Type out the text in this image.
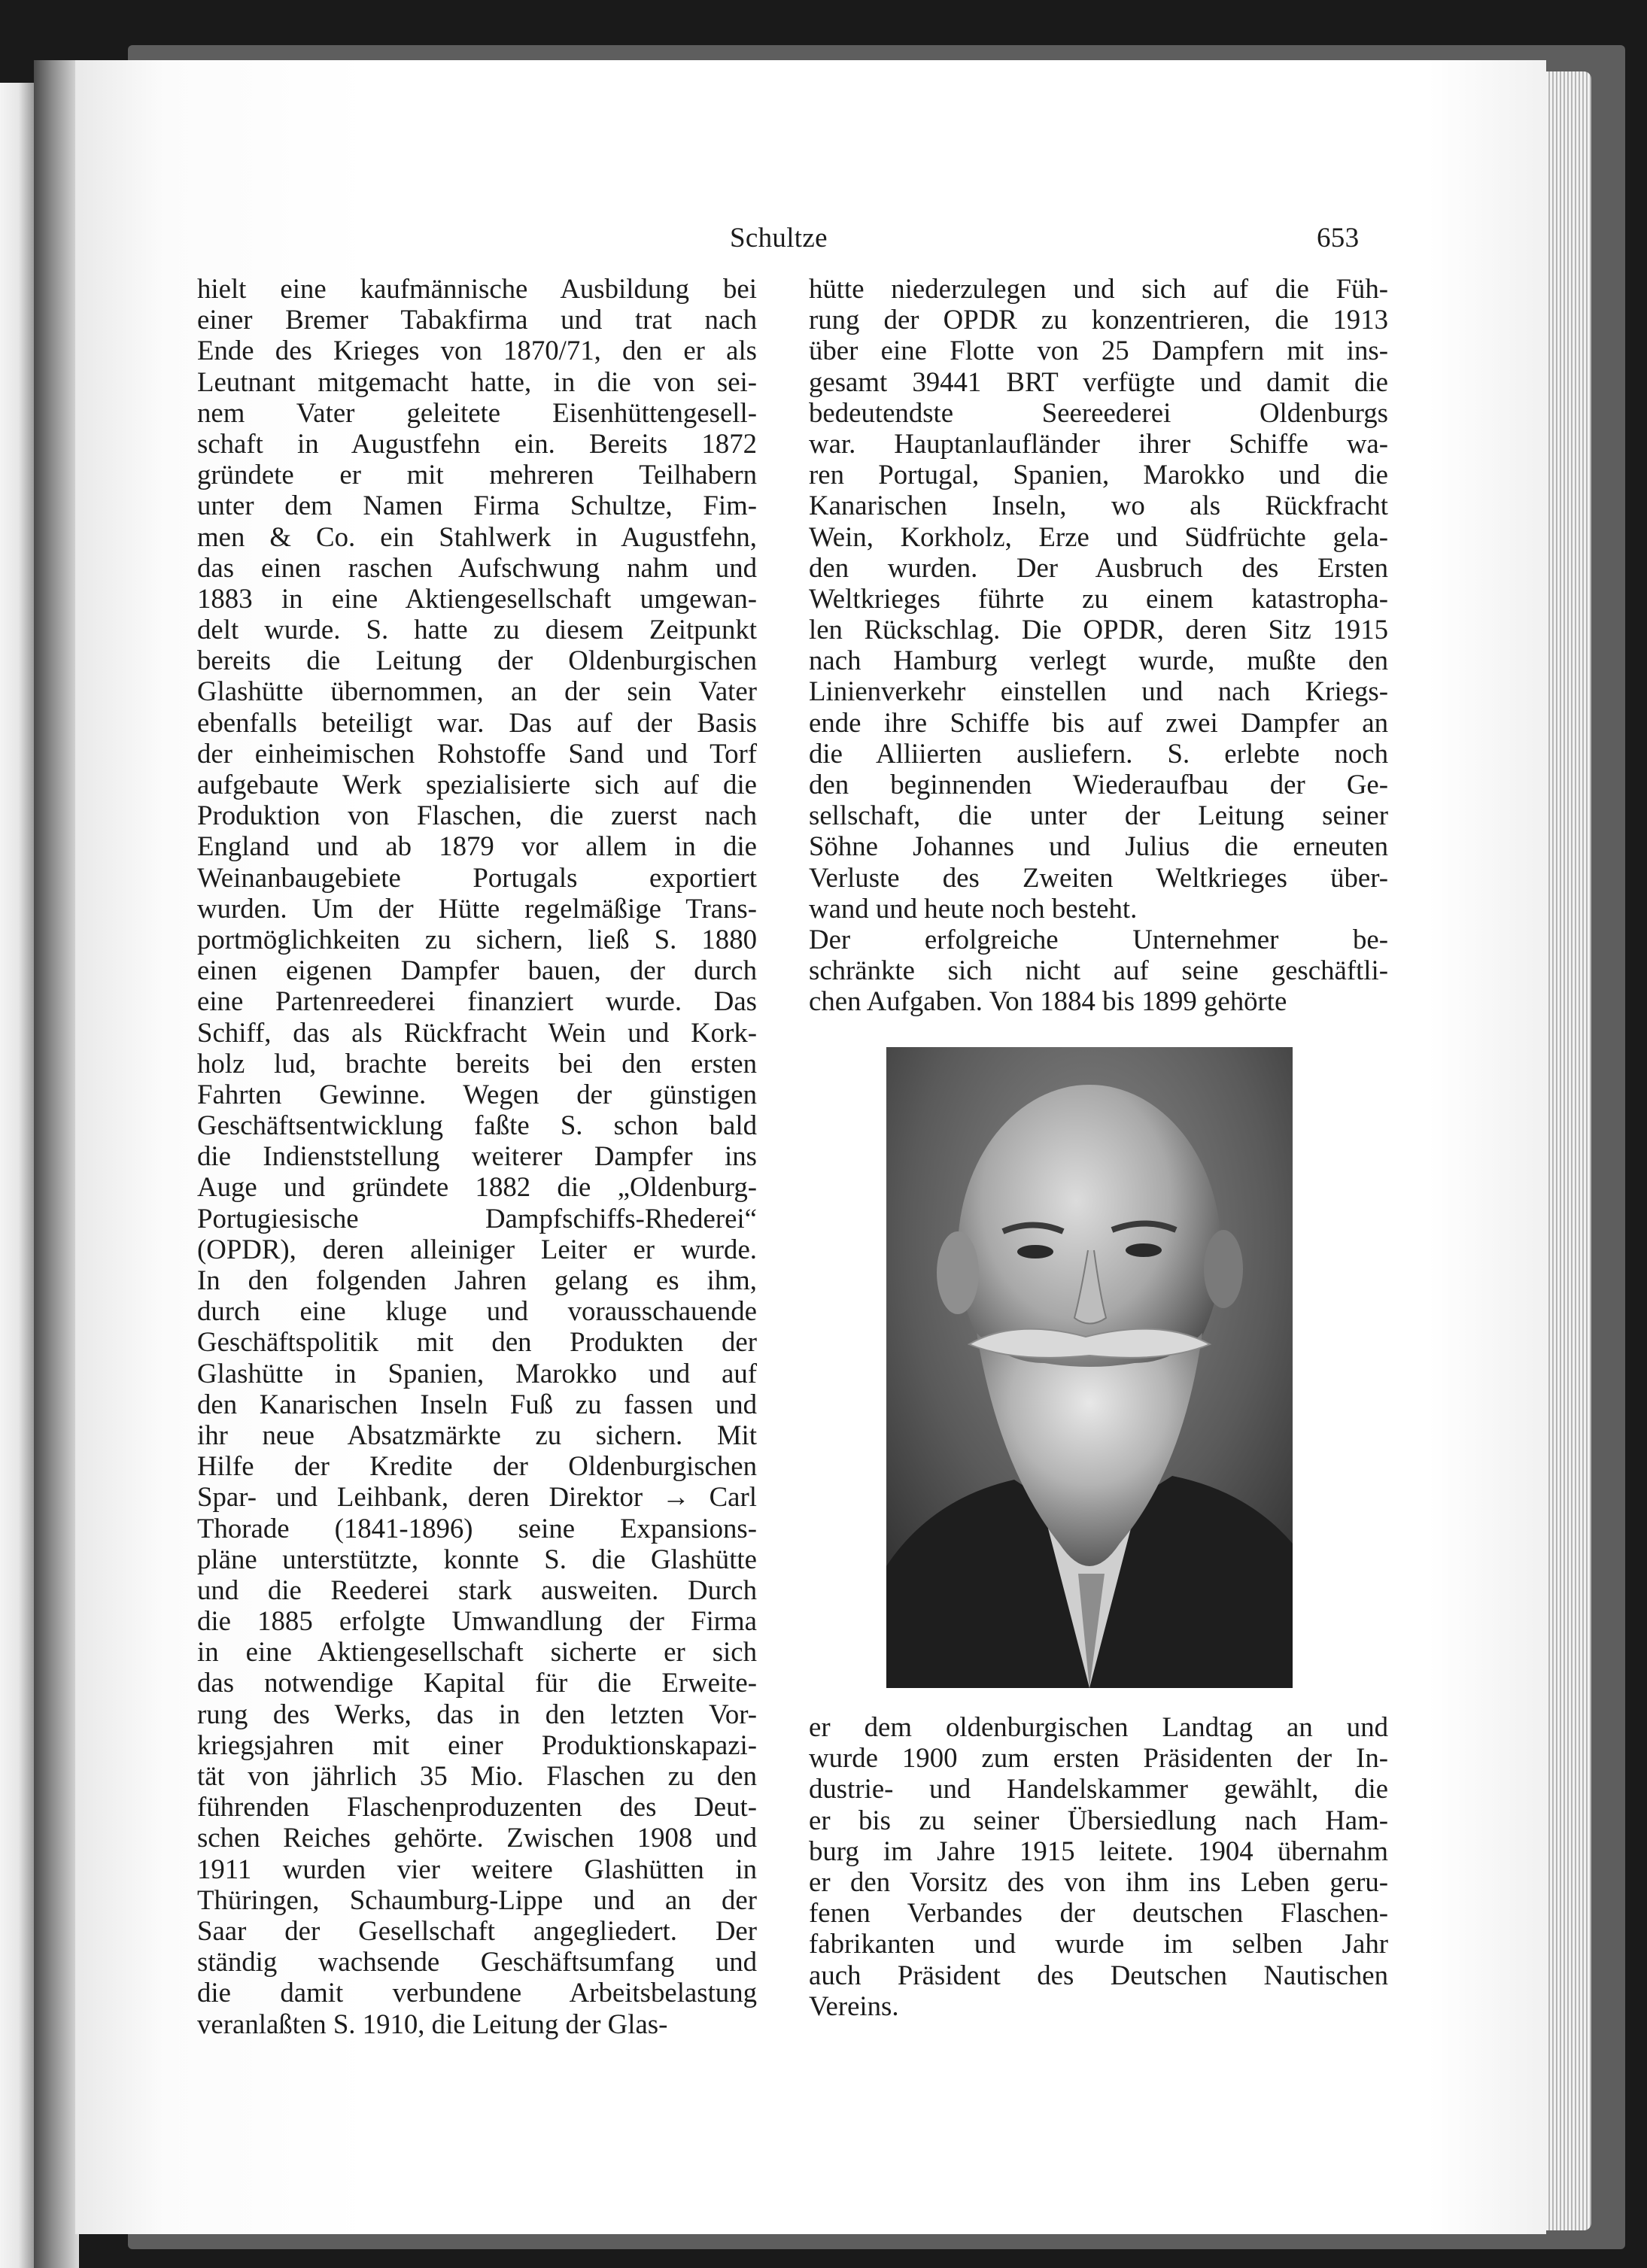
Schultze	653
hielt eine kaufmännische Ausbildung bei
einer Bremer Tabakfirma und trat nach
Ende des Krieges von 1870/71, den er als
Leutnant mitgemacht hatte, in die von sei-
nem Vater geleitete Eisenhüttengesell-
schaft in Augustfehn ein. Bereits 1872
gründete er mit mehreren Teilhabern
unter dem Namen Firma Schultze, Fim-
men & Co. ein Stahlwerk in Augustfehn,
das einen raschen Aufschwung nahm und
1883 in eine Aktiengesellschaft umgewan-
delt wurde. S. hatte zu diesem Zeitpunkt
bereits die Leitung der Oldenburgischen
Glashütte übernommen, an der sein Vater
ebenfalls beteiligt war. Das auf der Basis
der einheimischen Rohstoffe Sand und Torf
aufgebaute Werk spezialisierte sich auf die
Produktion von Flaschen, die zuerst nach
England und ab 1879 vor allem in die
Weinanbaugebiete Portugals exportiert
wurden. Um der Hütte regelmäßige Trans-
portmöglichkeiten zu sichern, ließ S. 1880
einen eigenen Dampfer bauen, der durch
eine Partenreederei finanziert wurde. Das
Schiff, das als Rückfracht Wein und Kork-
holz lud, brachte bereits bei den ersten
Fahrten Gewinne. Wegen der günstigen
Geschäftsentwicklung faßte S. schon bald
die Indienststellung weiterer Dampfer ins
Auge und gründete 1882 die „Oldenburg-
Portugiesische Dampfschiffs-Rhederei“
(OPDR), deren alleiniger Leiter er wurde.
In den folgenden Jahren gelang es ihm,
durch eine kluge und vorausschauende
Geschäftspolitik mit den Produkten der
Glashütte in Spanien, Marokko und auf
den Kanarischen Inseln Fuß zu fassen und
ihr neue Absatzmärkte zu sichern. Mit
Hilfe der Kredite der Oldenburgischen
Spar- und Leihbank, deren Direktor → Carl
Thorade (1841-1896) seine Expansions-
pläne unterstützte, konnte S. die Glashütte
und die Reederei stark ausweiten. Durch
die 1885 erfolgte Umwandlung der Firma
in eine Aktiengesellschaft sicherte er sich
das notwendige Kapital für die Erweite-
rung des Werks, das in den letzten Vor-
kriegsjahren mit einer Produktionskapazi-
tät von jährlich 35 Mio. Flaschen zu den
führenden Flaschenproduzenten des Deut-
schen Reiches gehörte. Zwischen 1908 und
1911 wurden vier weitere Glashütten in
Thüringen, Schaumburg-Lippe und an der
Saar der Gesellschaft angegliedert. Der
ständig wachsende Geschäftsumfang und
die damit verbundene Arbeitsbelastung
veranlaßten S. 1910, die Leitung der Glas-
hütte niederzulegen und sich auf die Füh-
rung der OPDR zu konzentrieren, die 1913
über eine Flotte von 25 Dampfern mit ins-
gesamt 39441 BRT verfügte und damit die
bedeutendste Seereederei Oldenburgs
war. Hauptanlaufländer ihrer Schiffe wa-
ren Portugal, Spanien, Marokko und die
Kanarischen Inseln, wo als Rückfracht
Wein, Korkholz, Erze und Südfrüchte gela-
den wurden. Der Ausbruch des Ersten
Weltkrieges führte zu einem katastropha-
len Rückschlag. Die OPDR, deren Sitz 1915
nach Hamburg verlegt wurde, mußte den
Linienverkehr einstellen und nach Kriegs-
ende ihre Schiffe bis auf zwei Dampfer an
die Alliierten ausliefern. S. erlebte noch
den beginnenden Wiederaufbau der Ge-
sellschaft, die unter der Leitung seiner
Söhne Johannes und Julius die erneuten
Verluste des Zweiten Weltkrieges über-
wand und heute noch besteht.
Der erfolgreiche Unternehmer be-
schränkte sich nicht auf seine geschäftli-
chen Aufgaben. Von 1884 bis 1899 gehörte
er dem oldenburgischen Landtag an und
wurde 1900 zum ersten Präsidenten der In-
dustrie- und Handelskammer gewählt, die
er bis zu seiner Übersiedlung nach Ham-
burg im Jahre 1915 leitete. 1904 übernahm
er den Vorsitz des von ihm ins Leben geru-
fenen Verbandes der deutschen Flaschen-
fabrikanten und wurde im selben Jahr
auch Präsident des Deutschen Nautischen
Vereins.
